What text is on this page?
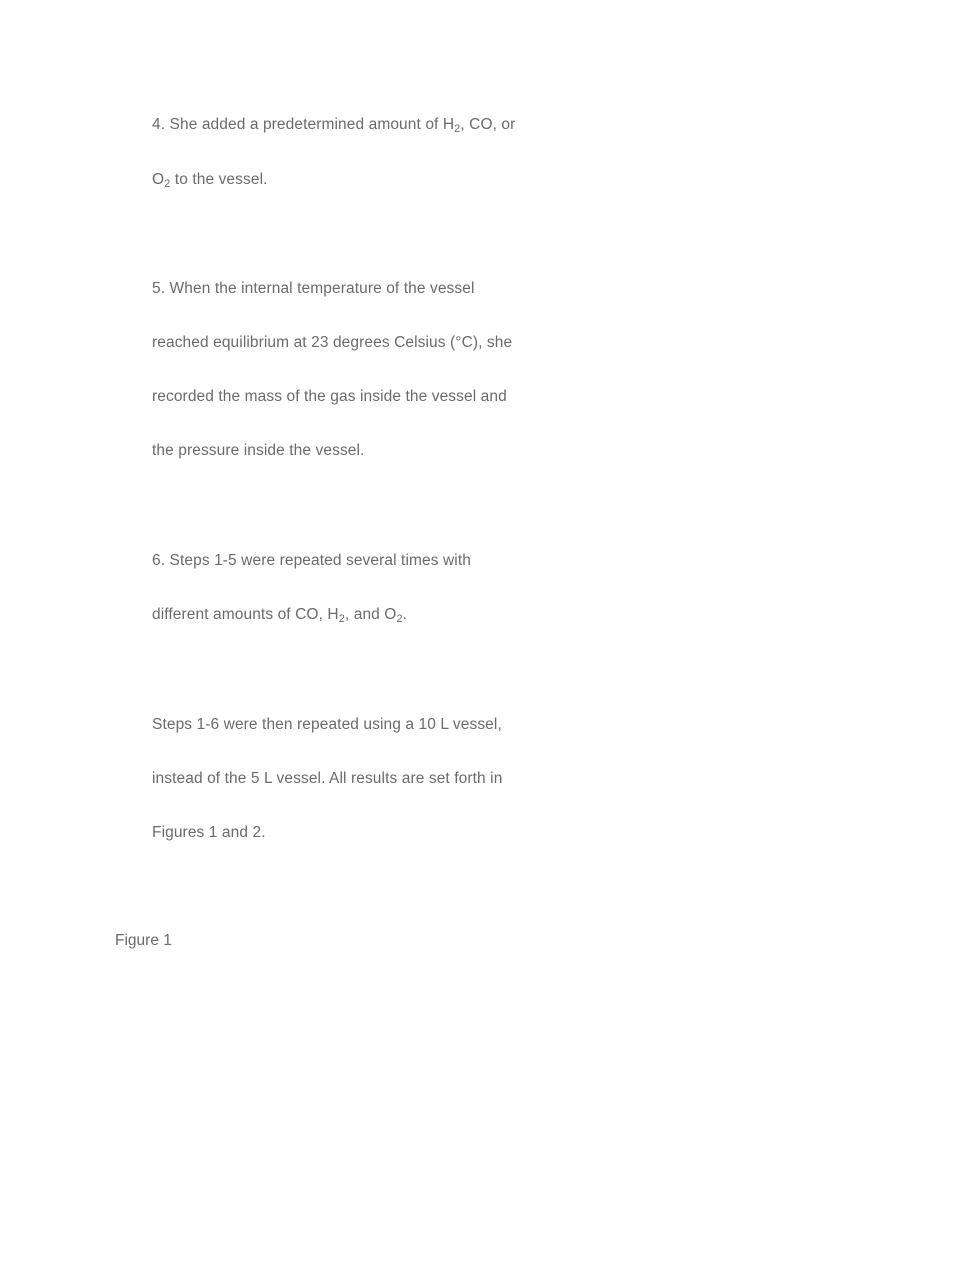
4. She added a predetermined amount of $H_2$, CO, or
$O_2$ to the vessel.
5. When the internal temperature of the vessel
reached equilibrium at 23 degrees Celsius (°C), she
recorded the mass of the gas inside the vessel and
the pressure inside the vessel.
6. Steps 1-5 were repeated several times with
different amounts of CO, $H_2$, and $O_2$.
Steps 1-6 were then repeated using a 10 L vessel,
instead of the 5 L vessel. All results are set forth in
Figures 1 and 2.
Figure 1
